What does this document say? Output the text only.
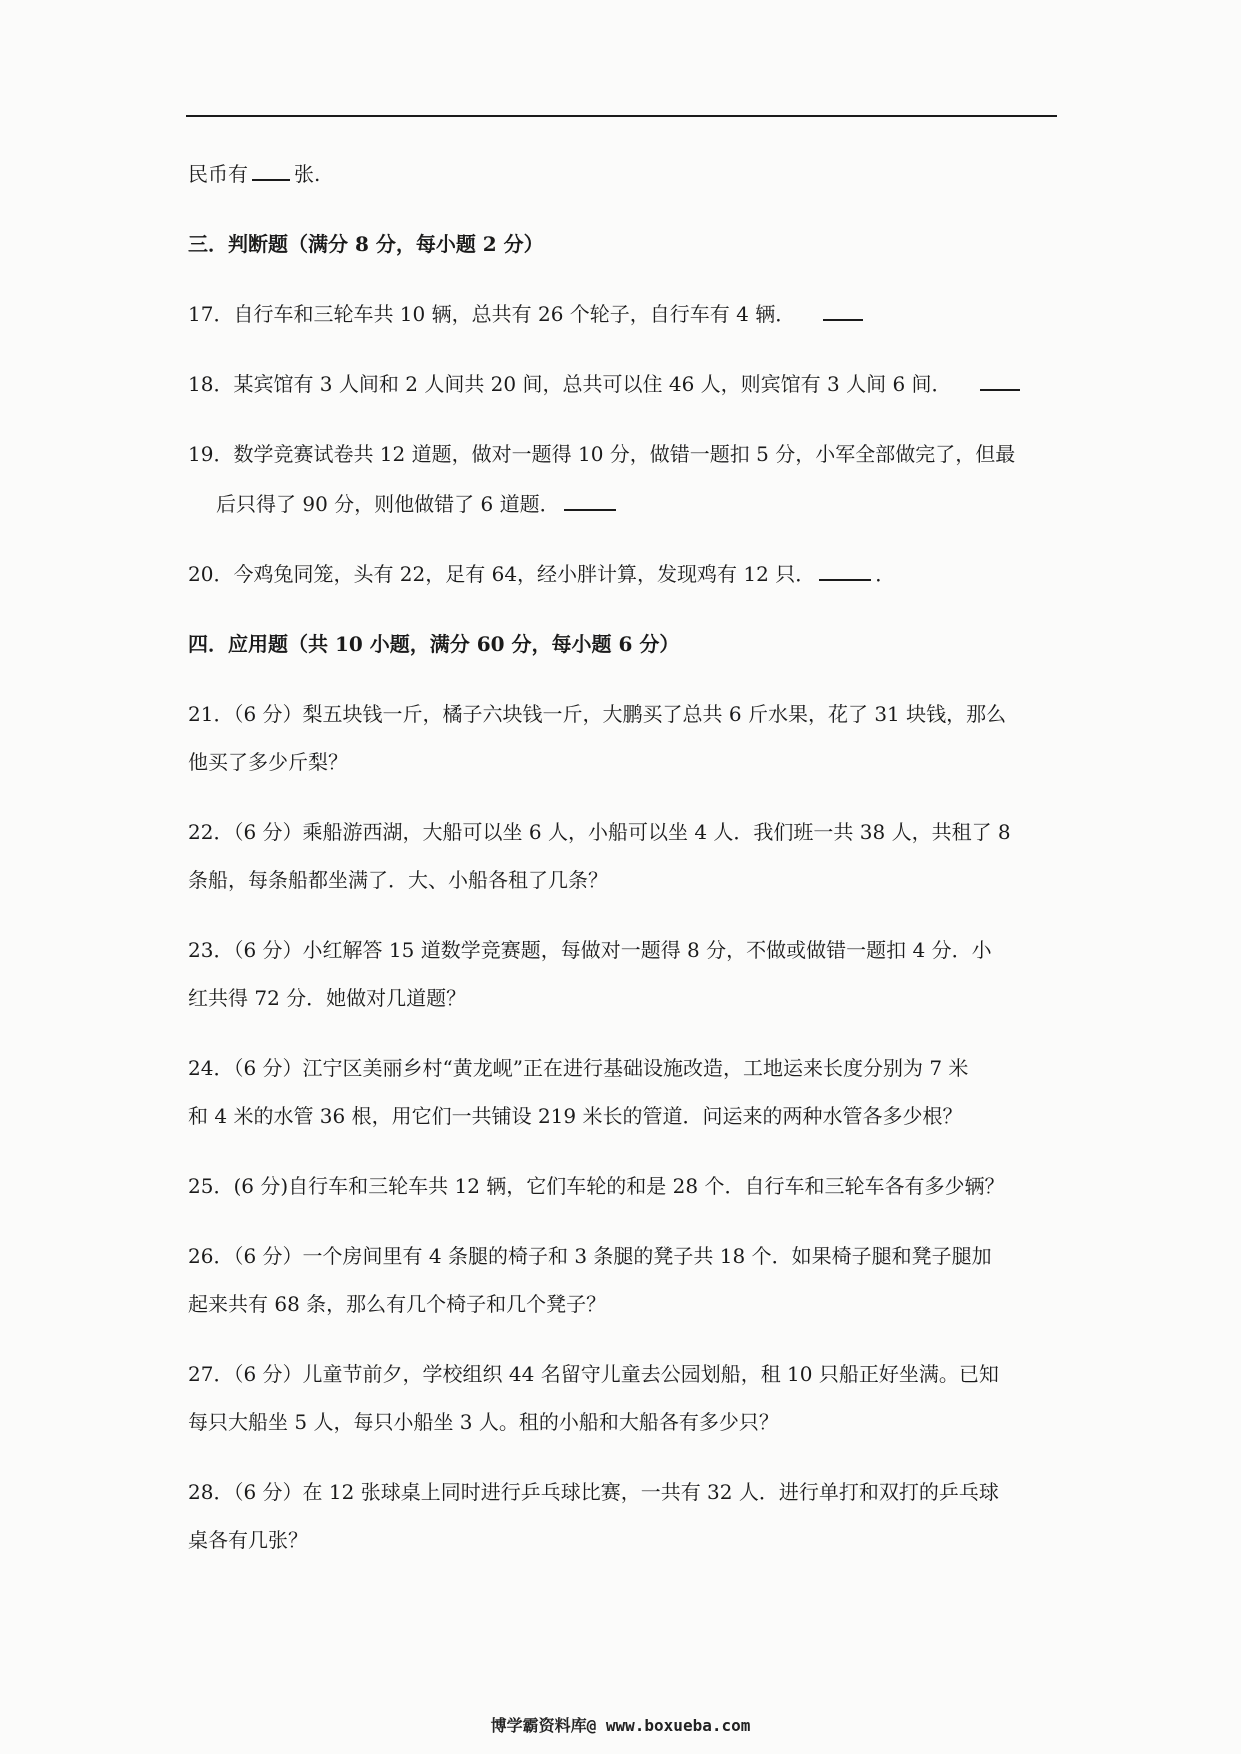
民币有 张.
三．判断题（满分 8 分，每小题 2 分）
17．自行车和三轮车共 10 辆，总共有 26 个轮子，自行车有 4 辆．
18．某宾馆有 3 人间和 2 人间共 20 间，总共可以住 46 人，则宾馆有 3 人间 6 间．
19．数学竞赛试卷共 12 道题，做对一题得 10 分，做错一题扣 5 分，小军全部做完了，但最
后只得了 90 分，则他做错了 6 道题．
20．今鸡兔同笼，头有 22，足有 64，经小胖计算，发现鸡有 12 只．	．
四．应用题（共 10 小题，满分 60 分，每小题 6 分）
21．（6 分）梨五块钱一斤，橘子六块钱一斤，大鹏买了总共 6 斤水果，花了 31 块钱，那么
他买了多少斤梨？
22．（6 分）乘船游西湖，大船可以坐 6 人，小船可以坐 4 人．我们班一共 38 人，共租了 8
条船，每条船都坐满了．大、小船各租了几条？
23．（6 分）小红解答 15 道数学竞赛题，每做对一题得 8 分，不做或做错一题扣 4 分．小
红共得 72 分．她做对几道题？
24．（6 分）江宁区美丽乡村“黄龙岘”正在进行基础设施改造，工地运来长度分别为 7 米
和 4 米的水管 36 根，用它们一共铺设 219 米长的管道．问运来的两种水管各多少根？
25．(6 分)自行车和三轮车共 12 辆，它们车轮的和是 28 个．自行车和三轮车各有多少辆？
26．（6 分）一个房间里有 4 条腿的椅子和 3 条腿的凳子共 18 个．如果椅子腿和凳子腿加
起来共有 68 条，那么有几个椅子和几个凳子？
27．（6 分）儿童节前夕，学校组织 44 名留守儿童去公园划船，租 10 只船正好坐满。已知
每只大船坐 5 人，每只小船坐 3 人。租的小船和大船各有多少只？
28．（6 分）在 12 张球桌上同时进行乒乓球比赛，一共有 32 人．进行单打和双打的乒乓球
桌各有几张？
博学霸资料库@ www.boxueba.com
